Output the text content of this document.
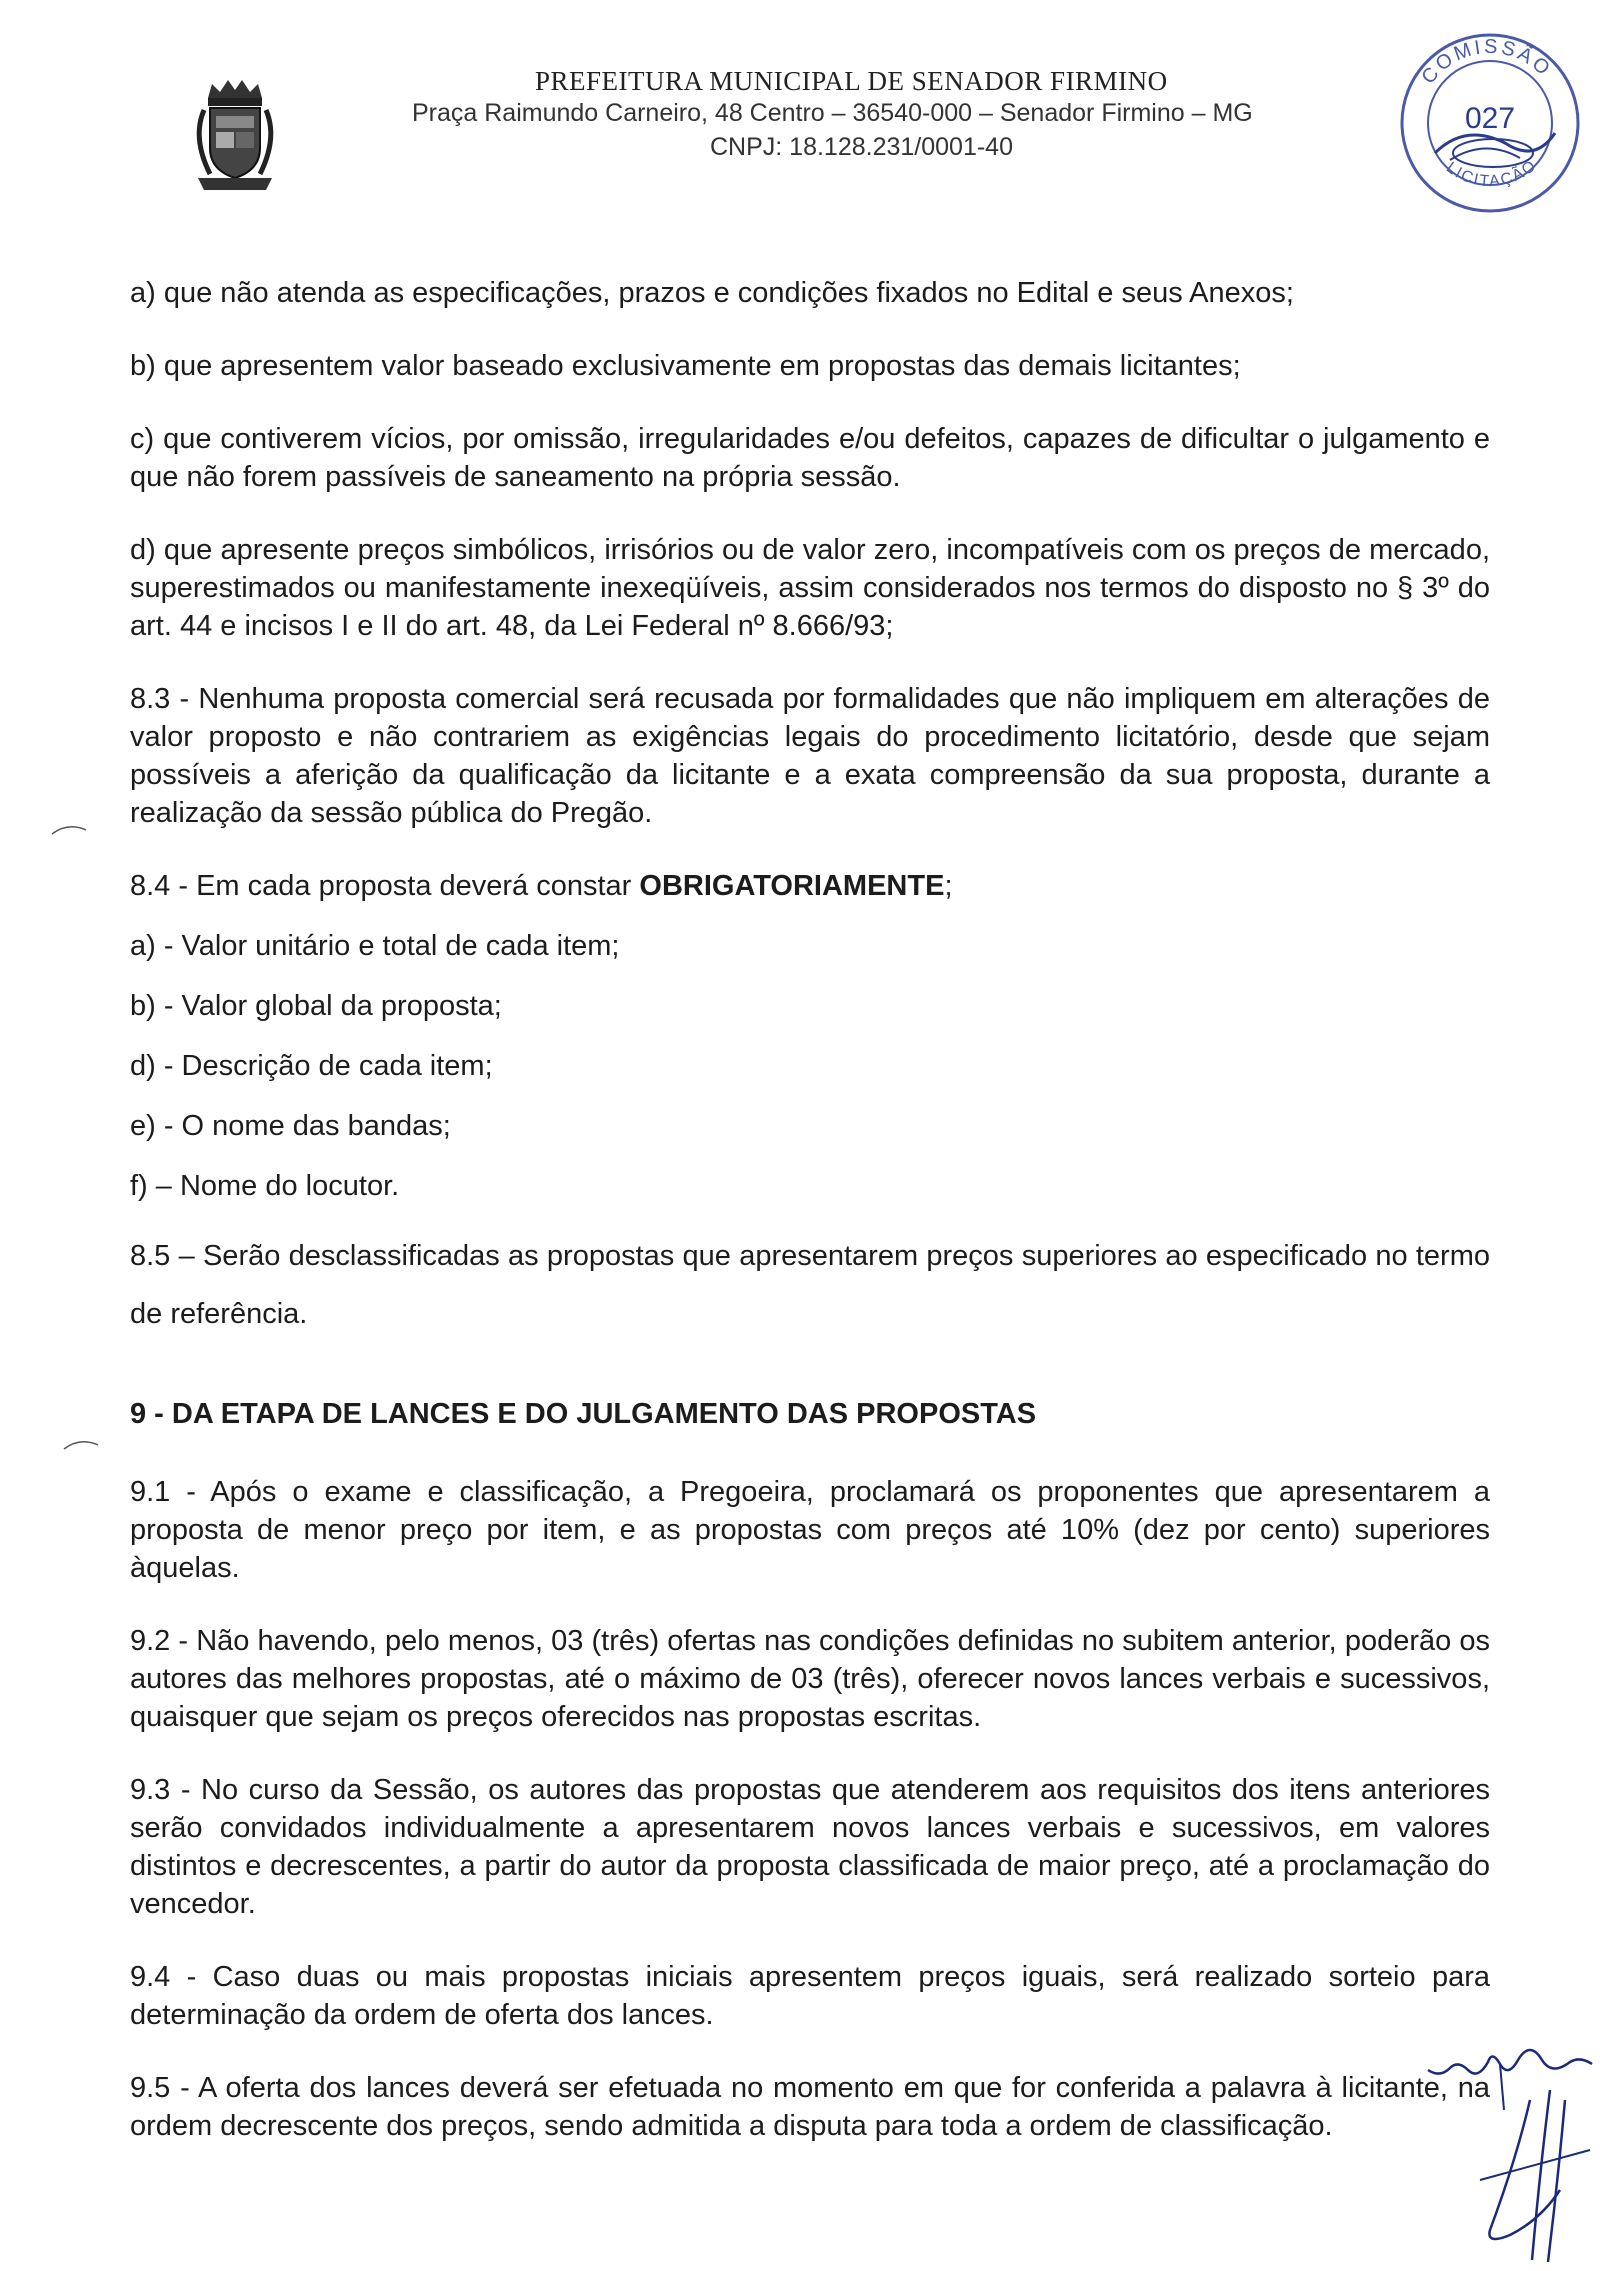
PREFEITURA MUNICIPAL DE SENADOR FIRMINO
Praça Raimundo Carneiro, 48 Centro – 36540-000 – Senador Firmino – MG
CNPJ: 18.128.231/0001-40
COMISSÃO
LICITAÇÃO
027

a) que não atenda as especificações, prazos e condições fixados no Edital e seus Anexos;

b) que apresentem valor baseado exclusivamente em propostas das demais licitantes;

c) que contiverem vícios, por omissão, irregularidades e/ou defeitos, capazes de dificultar o julgamento e que não forem passíveis de saneamento na própria sessão.

d) que apresente preços simbólicos, irrisórios ou de valor zero, incompatíveis com os preços de mercado, superestimados ou manifestamente inexeqüíveis, assim considerados nos termos do disposto no § 3º do art. 44 e incisos I e II do art. 48, da Lei Federal nº 8.666/93;

8.3 - Nenhuma proposta comercial será recusada por formalidades que não impliquem em alterações de valor proposto e não contrariem as exigências legais do procedimento licitatório, desde que sejam possíveis a aferição da qualificação da licitante e a exata compreensão da sua proposta, durante a realização da sessão pública do Pregão.

8.4 - Em cada proposta deverá constar OBRIGATORIAMENTE;

a) - Valor unitário e total de cada item;

b) - Valor global da proposta;

d) - Descrição de cada item;

e) - O nome das bandas;

f) – Nome do locutor.

8.5 – Serão desclassificadas as propostas que apresentarem preços superiores ao especificado no termo de referência.

9 - DA ETAPA DE LANCES E DO JULGAMENTO DAS PROPOSTAS

9.1 - Após o exame e classificação, a Pregoeira, proclamará os proponentes que apresentarem a proposta de menor preço por item, e as propostas com preços até 10% (dez por cento) superiores àquelas.

9.2 - Não havendo, pelo menos, 03 (três) ofertas nas condições definidas no subitem anterior, poderão os autores das melhores propostas, até o máximo de 03 (três), oferecer novos lances verbais e sucessivos, quaisquer que sejam os preços oferecidos nas propostas escritas.

9.3 - No curso da Sessão, os autores das propostas que atenderem aos requisitos dos itens anteriores serão convidados individualmente a apresentarem novos lances verbais e sucessivos, em valores distintos e decrescentes, a partir do autor da proposta classificada de maior preço, até a proclamação do vencedor.

9.4 - Caso duas ou mais propostas iniciais apresentem preços iguais, será realizado sorteio para determinação da ordem de oferta dos lances.

9.5 - A oferta dos lances deverá ser efetuada no momento em que for conferida a palavra à licitante, na ordem decrescente dos preços, sendo admitida a disputa para toda a ordem de classificação.
